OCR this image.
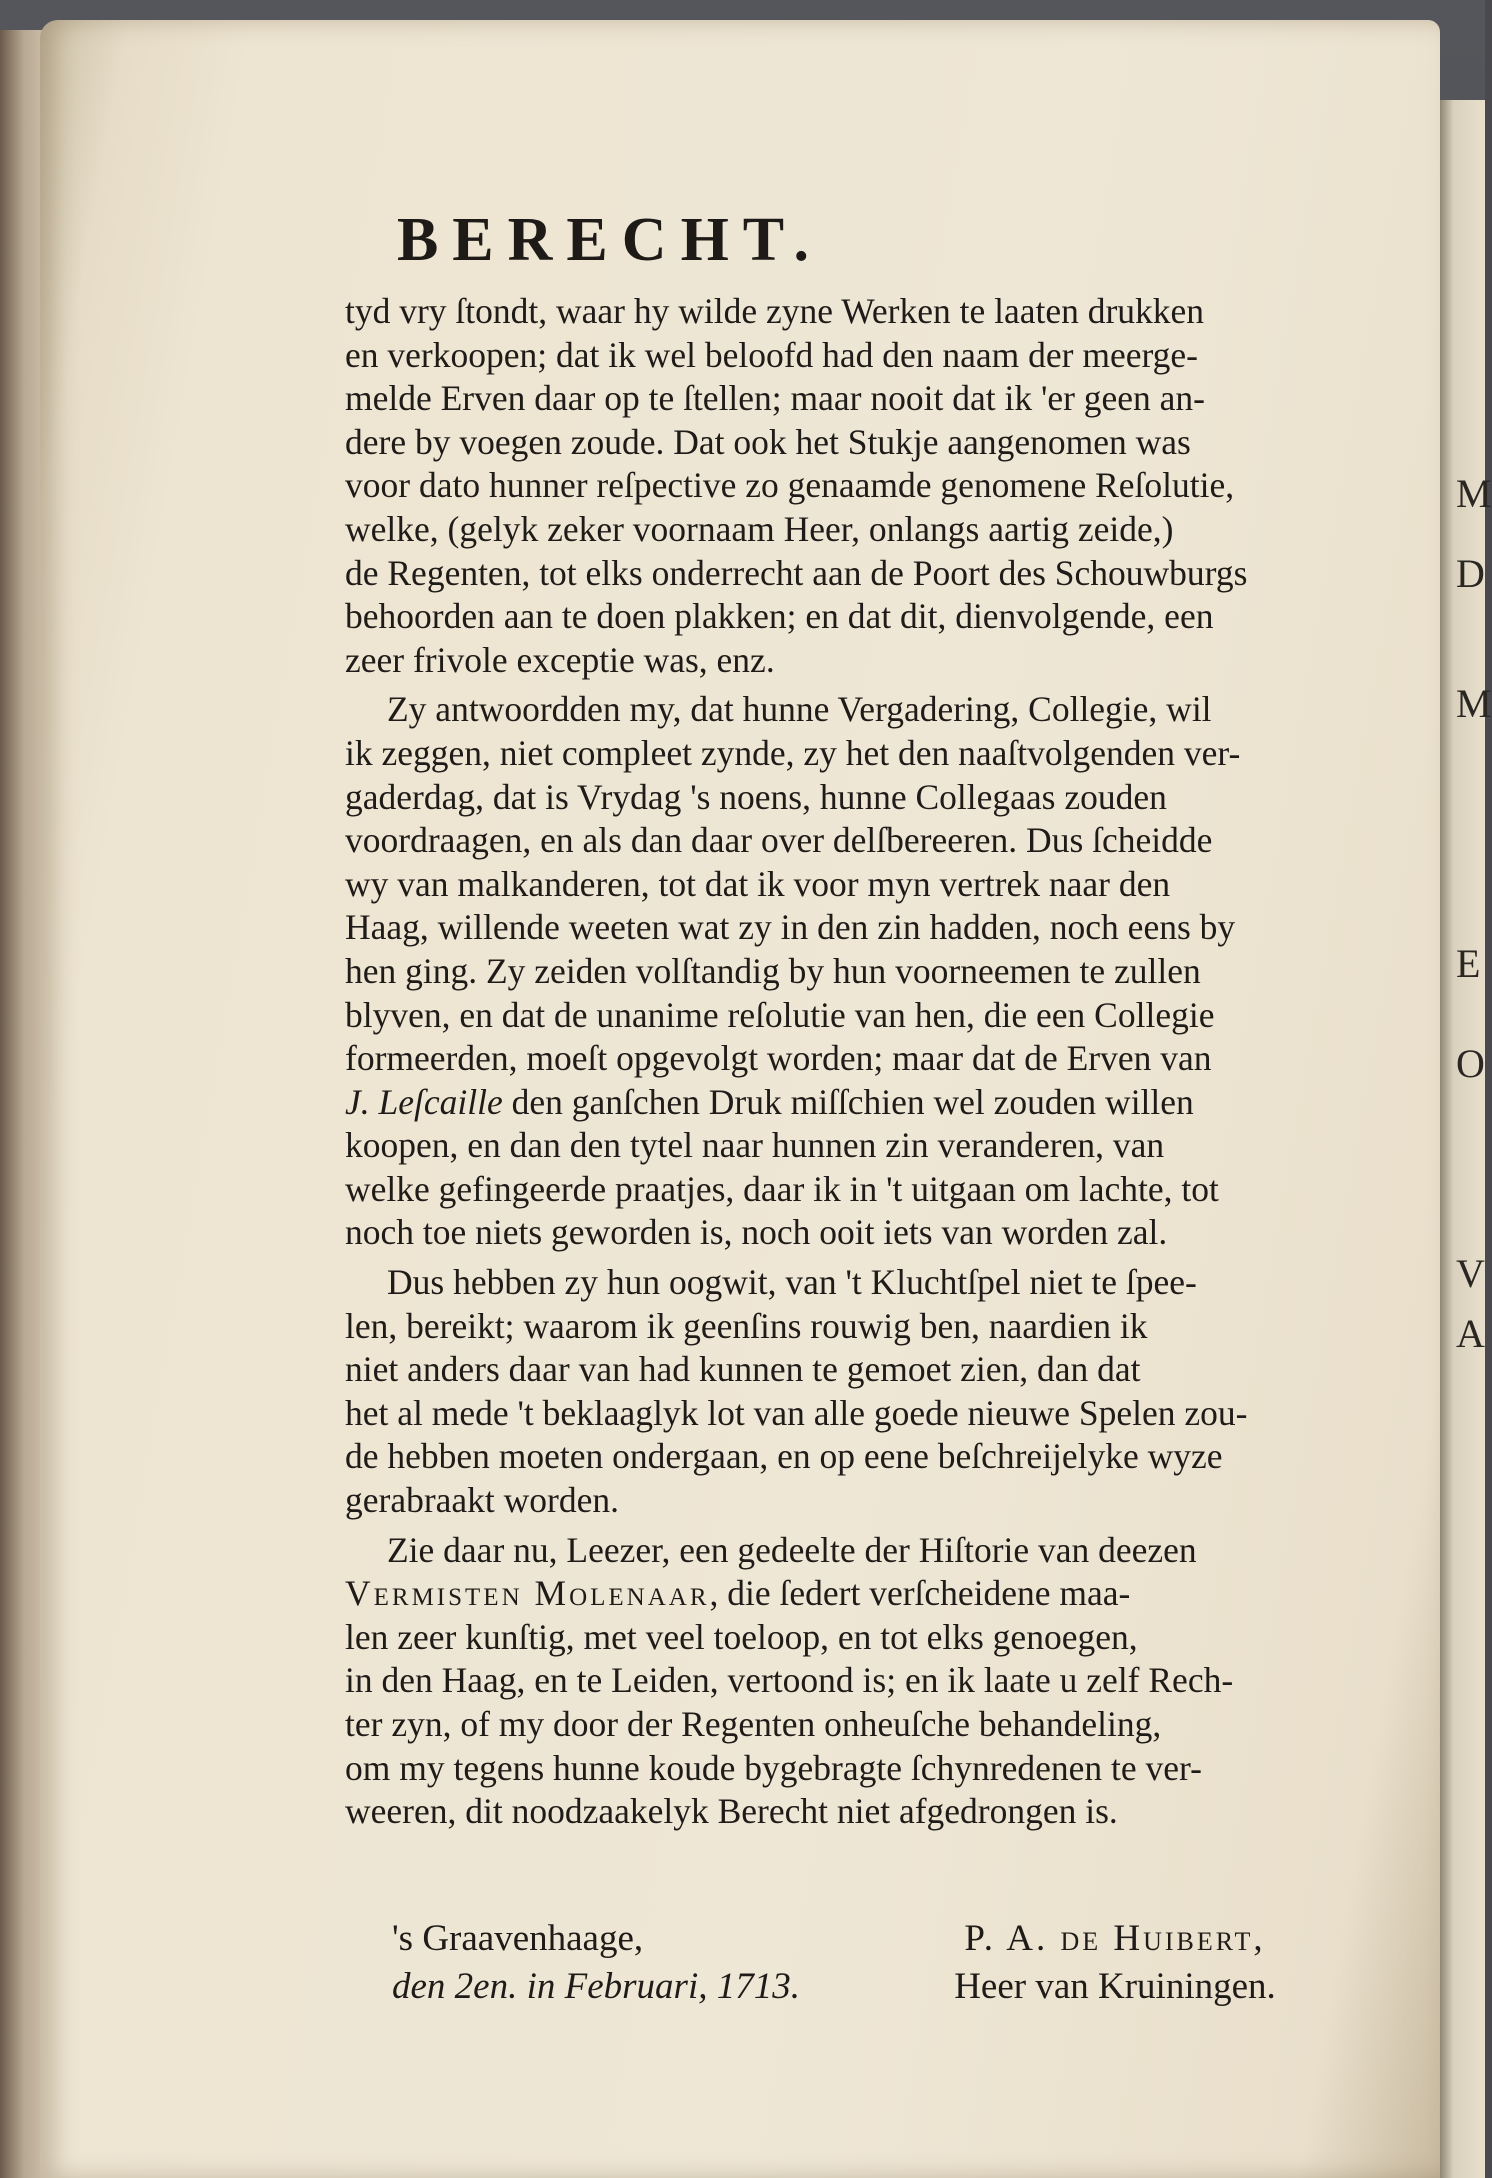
M
D
M
E
O
V
A
BERECHT.
tyd vry ſtondt, waar hy wilde zyne Werken te laaten drukken
en verkoopen; dat ik wel beloofd had den naam der meerge-
melde Erven daar op te ſtellen; maar nooit dat ik 'er geen an-
dere by voegen zoude. Dat ook het Stukje aangenomen was
voor dato hunner reſpective zo genaamde genomene Reſolutie,
welke, (gelyk zeker voornaam Heer, onlangs aartig zeide,)
de Regenten, tot elks onderrecht aan de Poort des Schouwburgs
behoorden aan te doen plakken; en dat dit, dienvolgende, een
zeer frivole exceptie was, enz.
Zy antwoordden my, dat hunne Vergadering, Collegie, wil
ik zeggen, niet compleet zynde, zy het den naaſtvolgenden ver-
gaderdag, dat is Vrydag 's noens, hunne Collegaas zouden
voordraagen, en als dan daar over delſbereeren. Dus ſcheidde
wy van malkanderen, tot dat ik voor myn vertrek naar den
Haag, willende weeten wat zy in den zin hadden, noch eens by
hen ging. Zy zeiden volſtandig by hun voorneemen te zullen
blyven, en dat de unanime reſolutie van hen, die een Collegie
formeerden, moeſt opgevolgt worden; maar dat de Erven van
J. Leſcaille den ganſchen Druk miſſchien wel zouden willen
koopen, en dan den tytel naar hunnen zin veranderen, van
welke gefingeerde praatjes, daar ik in 't uitgaan om lachte, tot
noch toe niets geworden is, noch ooit iets van worden zal.
Dus hebben zy hun oogwit, van 't Kluchtſpel niet te ſpee-
len, bereikt; waarom ik geenſins rouwig ben, naardien ik
niet anders daar van had kunnen te gemoet zien, dan dat
het al mede 't beklaaglyk lot van alle goede nieuwe Spelen zou-
de hebben moeten ondergaan, en op eene beſchreijelyke wyze
gerabraakt worden.
Zie daar nu, Leezer, een gedeelte der Hiſtorie van deezen
Vermisten Molenaar, die ſedert verſcheidene maa-
len zeer kunſtig, met veel toeloop, en tot elks genoegen,
in den Haag, en te Leiden, vertoond is; en ik laate u zelf Rech-
ter zyn, of my door der Regenten onheuſche behandeling,
om my tegens hunne koude bygebragte ſchynredenen te ver-
weeren, dit noodzaakelyk Berecht niet afgedrongen is.
's Graavenhaage,
den 2en. in Februari, 1713.
P. A. de Huibert,
Heer van Kruiningen.
